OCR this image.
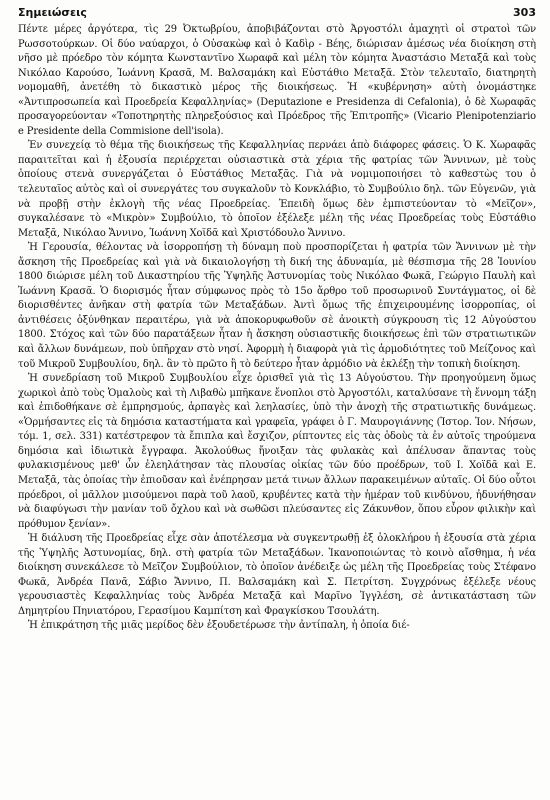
Σημειώσεις	303

Πέντε μέρες ἀργότερα, τὶς 29 Ὀκτωβρίου, ἀποβιβάζονται στὸ Ἀργοστόλι ἀμαχητὶ οἱ στρατοὶ τῶν Ρωσσοτούρκων. Οἱ δύο ναύαρχοι, ὁ Οὐσακὼφ καὶ ὁ Καδὶρ - Βέης, διώρισαν ἀμέσως νέα διοίκηση στὴ νῆσο μὲ πρόεδρο τὸν κόμητα Κωνσταντῖνο Χωραφᾶ καὶ μέλη τὸν κόμητα Ἀναστάσιο Μεταξᾶ καὶ τοὺς Νικόλαο Καρούσο, Ἰωάννη Κρασᾶ, Μ. Βαλσαμάκη καὶ Εὐστάθιο Μεταξᾶ. Στὸν τελευταῖο, διατηρητὴ νομομαθῆ, ἀνετέθη τὸ δικαστικὸ μέρος τῆς διοικήσεως. Ἡ «κυβέρνηση» αὐτὴ ὀνομάστηκε «Ἀντιπροσωπεία καὶ Προεδρεία Κεφαλληνίας» (Deputazione e Presidenza di Cefalonia), ὁ δὲ Χωραφᾶς προσαγορεύονταν «Τοποτηρητὴς πληρεξούσιος καὶ Πρόεδρος τῆς Ἐπιτροπῆς» (Vicario Plenipotenziario e Presidente della Commisione dell'isola).

Ἐν συνεχείᾳ τὸ θέμα τῆς διοικήσεως τῆς Κεφαλληνίας περνάει ἀπὸ διάφορες φάσεις. Ὁ Κ. Χωραφᾶς παραιτεῖται καὶ ἡ ἐξουσία περιέρχεται οὐσιαστικὰ στὰ χέρια τῆς φατρίας τῶν Ἄννινων, μὲ τοὺς ὁποίους στενὰ συνεργάζεται ὁ Εὐστάθιος Μεταξᾶς. Γιὰ νὰ νομιμοποιήσει τὸ καθεστὼς του ὁ τελευταῖος αὐτὸς καὶ οἱ συνεργάτες του συγκαλοῦν τὸ Κονκλάβιο, τὸ Συμβούλιο δηλ. τῶν Εὐγενῶν, γιὰ νὰ προβῇ στὴν ἐκλογὴ τῆς νέας Προεδρείας. Ἐπειδὴ ὅμως δὲν ἐμπιστεύονταν τὸ «Μεῖζον», συγκαλέσανε τὸ «Μικρὸν» Συμβούλιο, τὸ ὁποῖον ἐξέλεξε μέλη τῆς νέας Προεδρείας τοὺς Εὐστάθιο Μεταξᾶ, Νικόλαο Ἄννινο, Ἰωάννη Χοϊδᾶ καὶ Χριστόδουλο Ἄννινο.

Ἡ Γερουσία, θέλοντας νὰ ἰσορροπήσῃ τὴ δύναμη ποὺ προσπορίζεται ἡ φατρία τῶν Ἄννινων μὲ τὴν ἄσκηση τῆς Προεδρείας καὶ γιὰ νὰ δικαιολογήσῃ τὴ δική της ἀδυναμία, μὲ θέσπισμα τῆς 28 Ἰουνίου 1800 διώρισε μέλη τοῦ Δικαστηρίου τῆς Ὑψηλῆς Ἀστυνομίας τοὺς Νικόλαο Φωκᾶ, Γεώργιο Παυλὴ καὶ Ἰωάννη Κρασᾶ. Ὁ διορισμός ἦταν σύμφωνος πρὸς τὸ 15ο ἄρθρο τοῦ προσωρινοῦ Συντάγματος, οἱ δὲ διορισθέντες ἀνῆκαν στὴ φατρία τῶν Μεταξάδων. Ἀντὶ ὅμως τῆς ἐπιχειρουμένης ἰσορροπίας, οἱ ἀντιθέσεις ὀξύνθηκαν περαιτέρω, γιὰ νὰ ἀποκορυφωθοῦν σὲ ἀνοικτὴ σύγκρουση τὶς 12 Αὐγούστου 1800. Στόχος καὶ τῶν δύο παρατάξεων ἦταν ἡ ἄσκηση οὐσιαστικῆς διοικήσεως ἐπὶ τῶν στρατιωτικῶν καὶ ἄλλων δυνάμεων, ποὺ ὑπῆρχαν στὸ νησί. Ἀφορμὴ ἡ διαφορὰ γιὰ τὶς ἁρμοδιότητες τοῦ Μείζονος καὶ τοῦ Μικροῦ Συμβουλίου, δηλ. ἂν τὸ πρῶτο ἢ τὸ δεύτερο ἦταν ἁρμόδιο νὰ ἐκλέξῃ τὴν τοπικὴ διοίκηση.

Ἡ συνεδρίαση τοῦ Μικροῦ Συμβουλίου εἶχε ὁρισθεῖ γιὰ τὶς 13 Αὐγούστου. Τὴν προηγούμενη ὅμως χωρικοὶ ἀπὸ τοὺς Ὁμαλοὺς καὶ τὴ Λιβαθὼ μπῆκανε ἔνοπλοι στὸ Ἀργοστόλι, καταλύσανε τὴ ἔννομη τάξη καὶ ἐπιδοθήκανε σὲ ἐμπρησμούς, ἁρπαγὲς καὶ λεηλασίες, ὑπὸ τὴν ἀνοχὴ τῆς στρατιωτικῆς δυνάμεως. «Ὁρμήσαντες εἰς τὰ δημόσια καταστήματα καὶ γραφεῖα, γράφει ὁ Γ. Μαυρογιάννης (Ἱστορ. Ἰον. Νήσων, τόμ. 1, σελ. 331) κατέστρεφον τὰ ἔπιπλα καὶ ἔσχιζον, ρίπτοντες εἰς τὰς ὁδοὺς τὰ ἐν αὐτοῖς τηρούμενα δημόσια καὶ ἰδιωτικὰ ἔγγραφα. Ἀκολούθως ἤνοιξαν τὰς φυλακὰς καὶ ἀπέλυσαν ἅπαντας τοὺς φυλακισμένους μεθ' ὧν ἐλεηλάτησαν τὰς πλουσίας οἰκίας τῶν δύο προέδρων, τοῦ Ι. Χοϊδᾶ καὶ Ε. Μεταξᾶ, τὰς ὁποίας τὴν ἐπιοῦσαν καὶ ἐνέπρησαν μετά τινων ἄλλων παρακειμένων αὐταῖς. Οἱ δύο οὗτοι πρόεδροι, οἱ μᾶλλον μισούμενοι παρὰ τοῦ λαοῦ, κρυβέντες κατὰ τὴν ἡμέραν τοῦ κινδύνου, ἠδυνήθησαν νὰ διαφύγωσι τὴν μανίαν τοῦ ὄχλου καὶ νὰ σωθῶσι πλεύσαντες εἰς Ζάκυνθον, ὅπου εὗρον φιλικὴν καὶ πρόθυμον ξενίαν».

Ἡ διάλυση τῆς Προεδρείας εἶχε σὰν ἀποτέλεσμα νὰ συγκεντρωθῇ ἐξ ὁλοκλήρου ἡ ἐξουσία στὰ χέρια τῆς Ὑψηλῆς Ἀστυνομίας, δηλ. στὴ φατρία τῶν Μεταξάδων. Ἱκανοποιώντας τὸ κοινὸ αἴσθημα, ἡ νέα διοίκηση συνεκάλεσε τὸ Μεῖζον Συμβούλιον, τὸ ὁποῖον ἀνέδειξε ὡς μέλη τῆς Προεδρείας τοὺς Στέφανο Φωκᾶ, Ἀνδρέα Πανᾶ, Σάβιο Ἄννινο, Π. Βαλσαμάκη καὶ Σ. Πετρίτση. Συγχρόνως ἐξέλεξε νέους γερουσιαστὲς Κεφαλληνίας τοὺς Ἀνδρέα Μεταξᾶ καὶ Μαρῖνο Ἰγγλέση, σὲ ἀντικατάσταση τῶν Δημητρίου Πηνιατόρου, Γερασίμου Καμπίτση καὶ Φραγκίσκου Τσουλάτη.

Ἡ ἐπικράτηση τῆς μιᾶς μερίδος δὲν ἐξουδετέρωσε τὴν ἀντίπαλη, ἡ ὁποία διέ-
